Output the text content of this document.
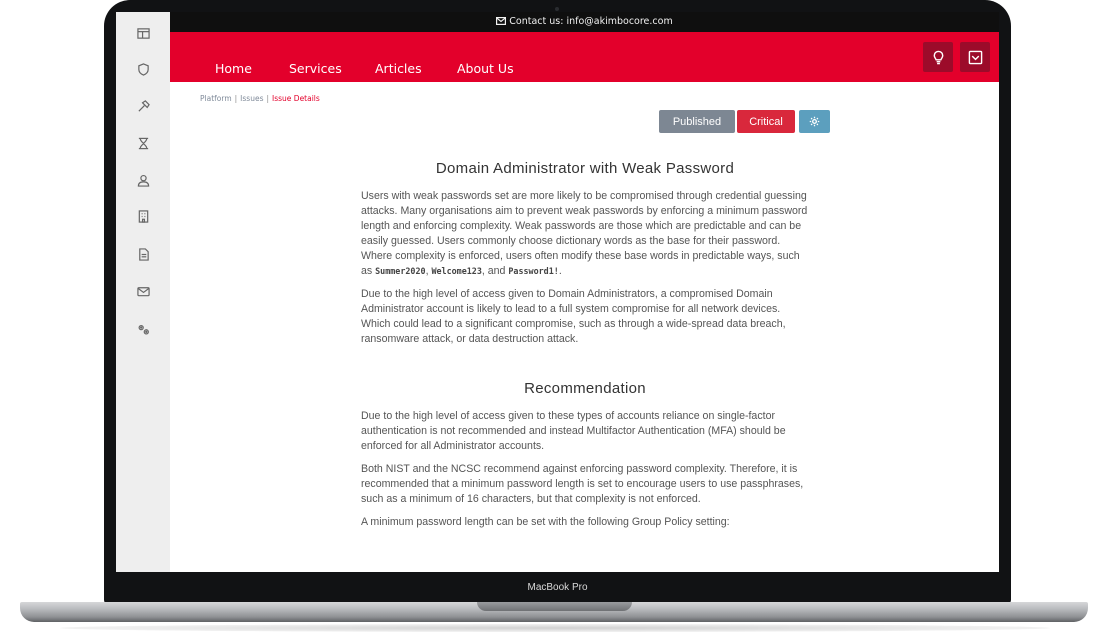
Contact us: info@akimbocore.com
Home	Services	Articles	About Us
Platform | Issues | Issue Details
Published	Critical
Domain Administrator with Weak Password

Users with weak passwords set are more likely to be compromised through credential guessing attacks. Many organisations aim to prevent weak passwords by enforcing a minimum password length and enforcing complexity. Weak passwords are those which are predictable and can be easily guessed. Users commonly choose dictionary words as the base for their password. Where complexity is enforced, users often modify these base words in predictable ways, such as Summer2020, Welcome123, and Password1!.

Due to the high level of access given to Domain Administrators, a compromised Domain Administrator account is likely to lead to a full system compromise for all network devices. Which could lead to a significant compromise, such as through a wide-spread data breach, ransomware attack, or data destruction attack.

Recommendation

Due to the high level of access given to these types of accounts reliance on single-factor authentication is not recommended and instead Multifactor Authentication (MFA) should be enforced for all Administrator accounts.

Both NIST and the NCSC recommend against enforcing password complexity. Therefore, it is recommended that a minimum password length is set to encourage users to use passphrases, such as a minimum of 16 characters, but that complexity is not enforced.

A minimum password length can be set with the following Group Policy setting:

MacBook Pro
